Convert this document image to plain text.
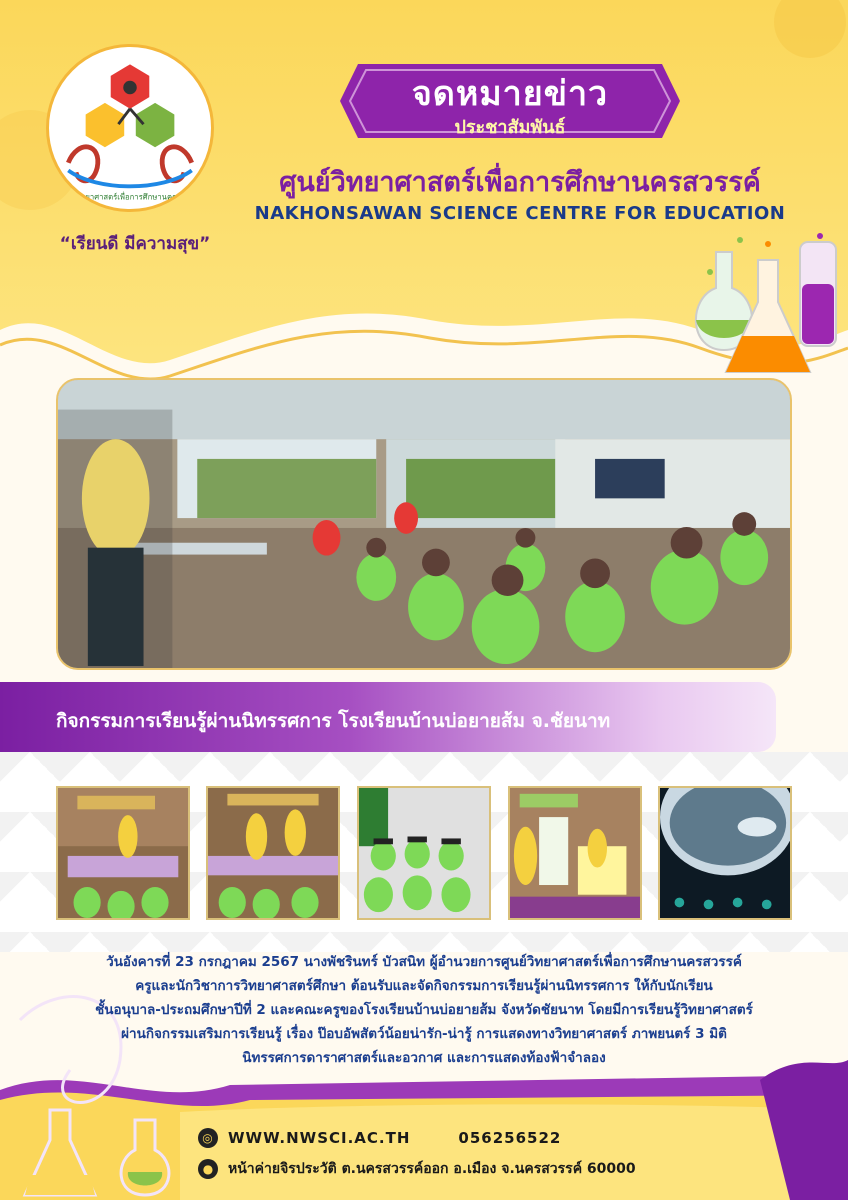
ศูนย์วิทยาศาสตร์เพื่อการศึกษานครสวรรค์
“เรียนดี มีความสุข”
จดหมายข่าว
ประชาสัมพันธ์
ศูนย์วิทยาศาสตร์เพื่อการศึกษานครสวรรค์
NAKHONSAWAN SCIENCE CENTRE FOR EDUCATION
กิจกรรมการเรียนรู้ผ่านนิทรรศการ โรงเรียนบ้านบ่อยายส้ม จ.ชัยนาท
วันอังคารที่ 23 กรกฎาคม 2567 นางพัชรินทร์ บัวสนิท ผู้อำนวยการศูนย์วิทยาศาสตร์เพื่อการศึกษานครสวรรค์
ครูและนักวิชาการวิทยาศาสตร์ศึกษา ต้อนรับและจัดกิจกรรมการเรียนรู้ผ่านนิทรรศการ ให้กับนักเรียน
ชั้นอนุบาล-ประถมศึกษาปีที่ 2 และคณะครูของโรงเรียนบ้านบ่อยายส้ม จังหวัดชัยนาท โดยมีการเรียนรู้วิทยาศาสตร์
ผ่านกิจกรรมเสริมการเรียนรู้ เรื่อง ป๊อบอัพสัตว์น้อยน่ารัก-น่ารู้ การแสดงทางวิทยาศาสตร์ ภาพยนตร์ 3 มิติ
นิทรรศการดาราศาสตร์และอวกาศ และการแสดงท้องฟ้าจำลอง
◎ WWW.NWSCI.AC.TH	056256522
●	หน้าค่ายจิรประวัติ ต.นครสวรรค์ออก อ.เมือง จ.นครสวรรค์ 60000
